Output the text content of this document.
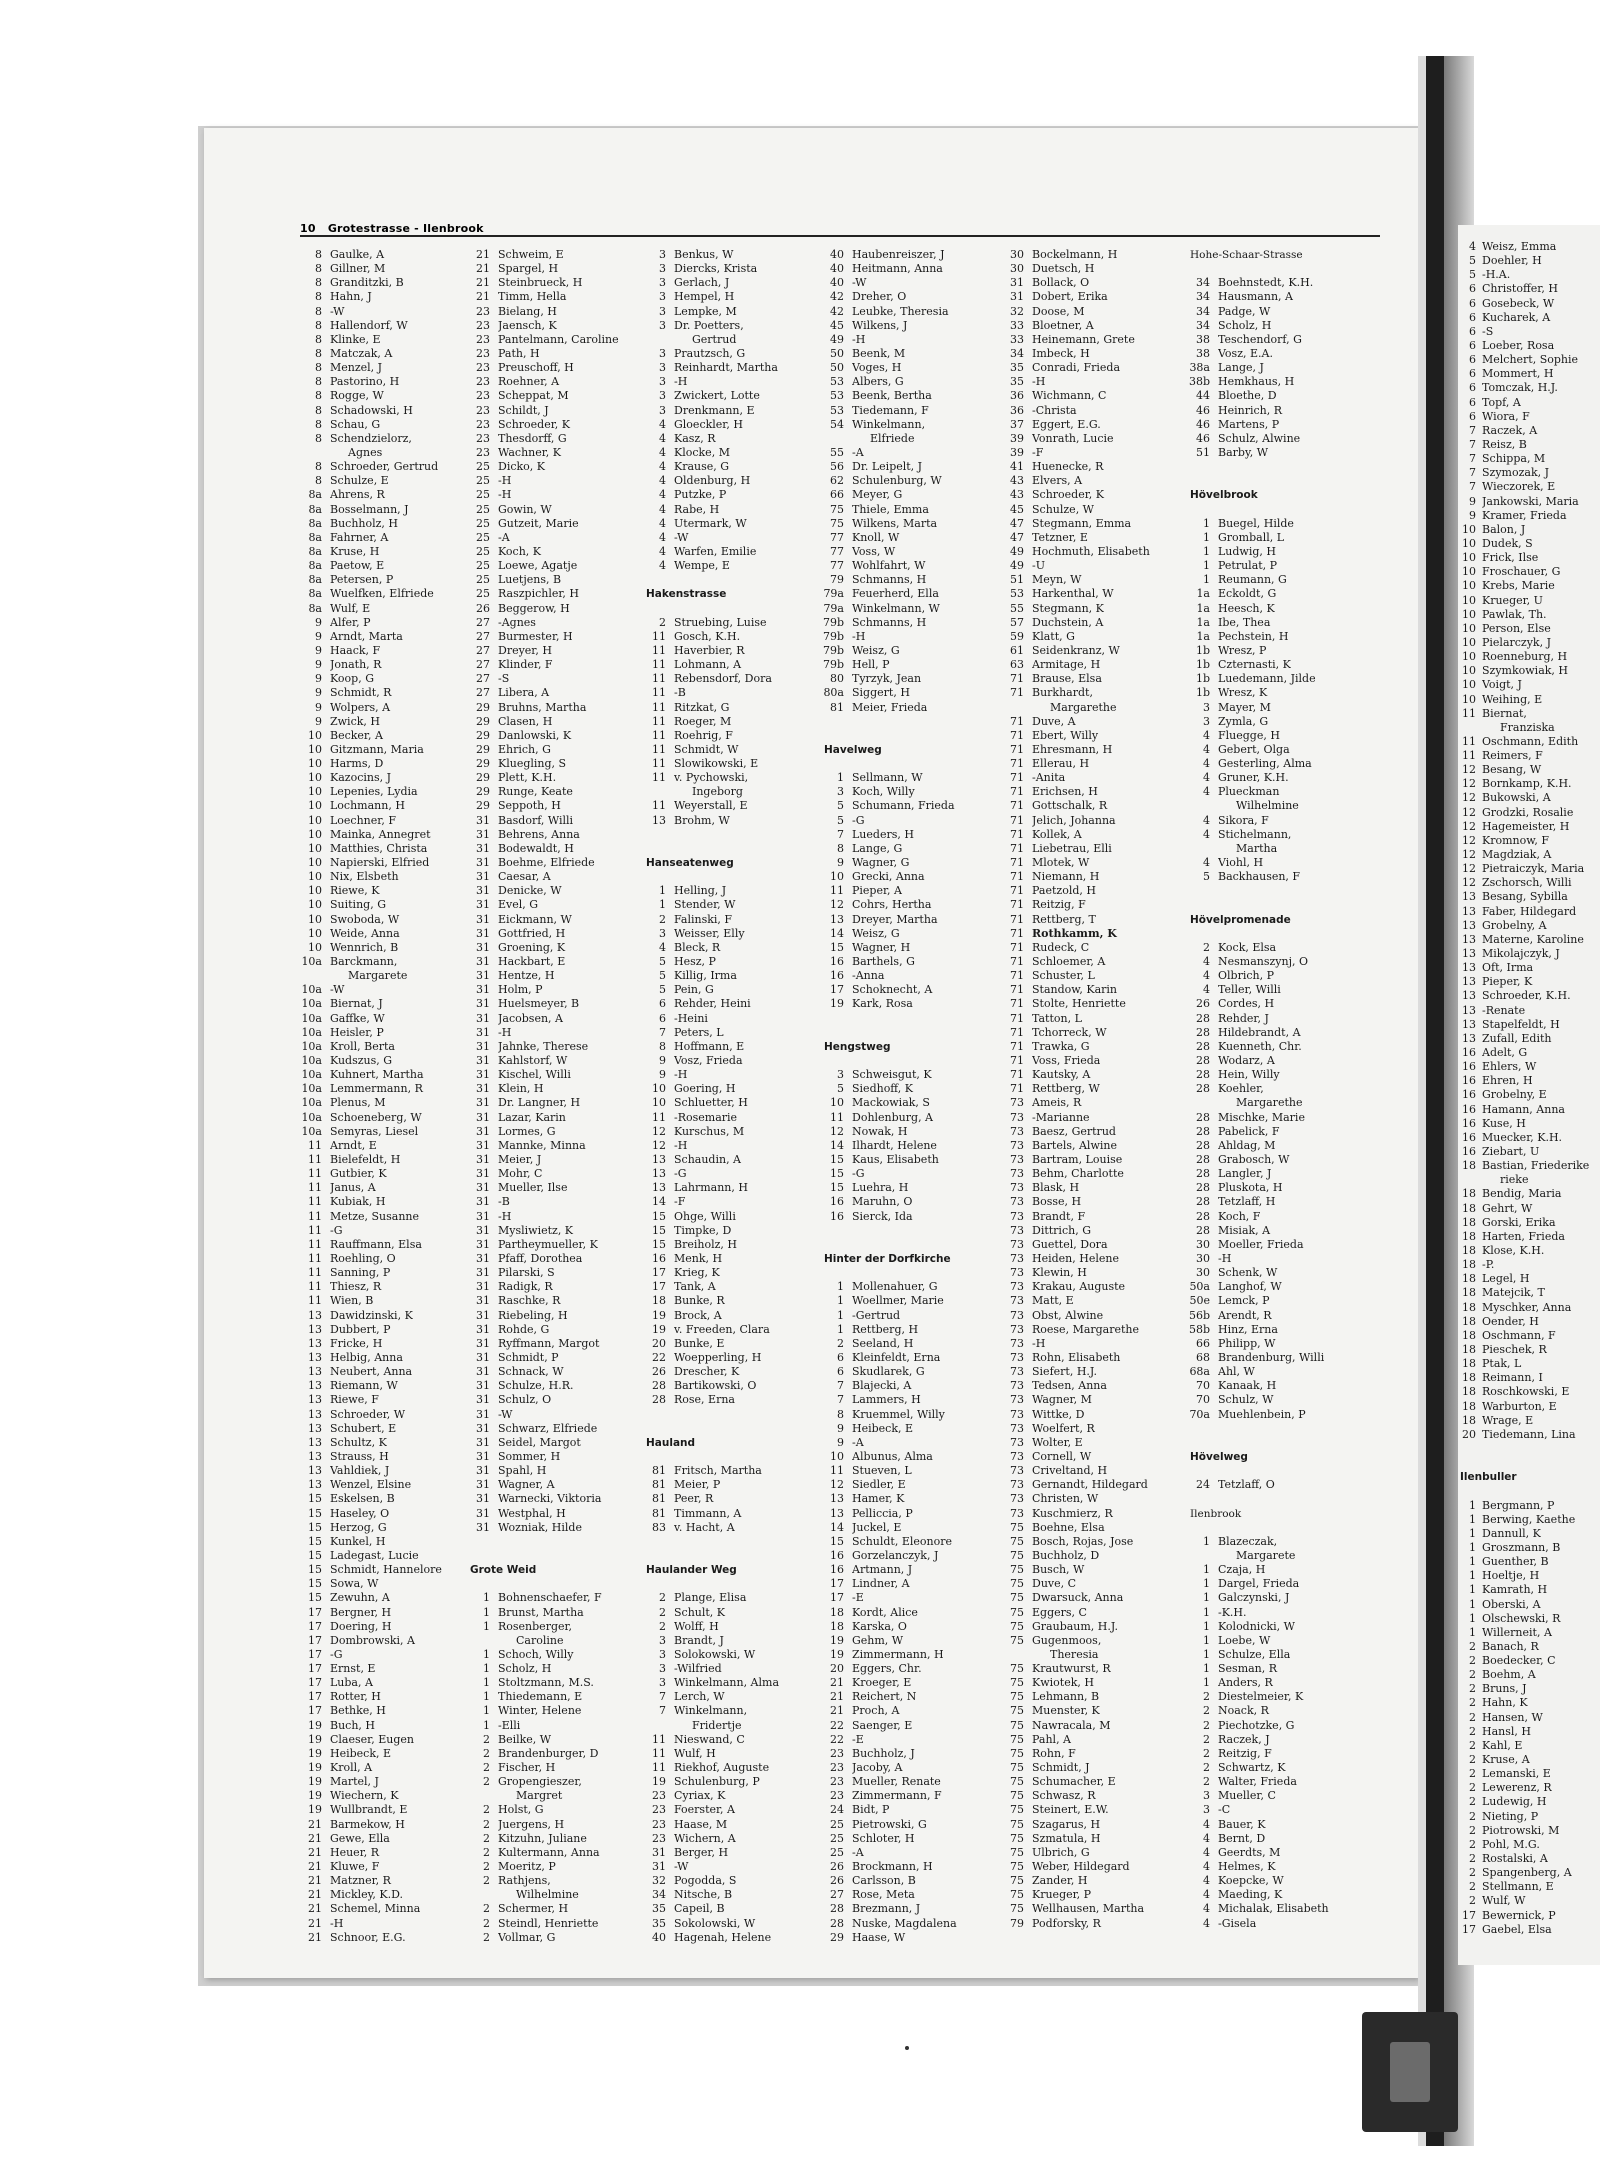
10 Grotestrasse - Ilenbrook
8 Gaulke, A
8 Gillner, M
8 Granditzki, B
8 Hahn, J
8 -W
8 Hallendorf, W
8 Klinke, E
8 Matczak, A
8 Menzel, J
8 Pastorino, H
8 Rogge, W
8 Schadowski, H
8 Schau, G
8 Schendzielorz,
Agnes
8 Schroeder, Gertrud
8 Schulze, E
8a Ahrens, R
8a Bosselmann, J
8a Buchholz, H
8a Fahrner, A
8a Kruse, H
8a Paetow, E
8a Petersen, P
8a Wuelfken, Elfriede
8a Wulf, E
9 Alfer, P
9 Arndt, Marta
9 Haack, F
9 Jonath, R
9 Koop, G
9 Schmidt, R
9 Wolpers, A
9 Zwick, H
10 Becker, A
10 Gitzmann, Maria
10 Harms, D
10 Kazocins, J
10 Lepenies, Lydia
10 Lochmann, H
10 Loechner, F
10 Mainka, Annegret
10 Matthies, Christa
10 Napierski, Elfried
10 Nix, Elsbeth
10 Riewe, K
10 Suiting, G
10 Swoboda, W
10 Weide, Anna
10 Wennrich, B
10a Barckmann,
Margarete
10a -W
10a Biernat, J
10a Gaffke, W
10a Heisler, P
10a Kroll, Berta
10a Kudszus, G
10a Kuhnert, Martha
10a Lemmermann, R
10a Plenus, M
10a Schoeneberg, W
10a Semyras, Liesel
11 Arndt, E
11 Bielefeldt, H
11 Gutbier, K
11 Janus, A
11 Kubiak, H
11 Metze, Susanne
11 -G
11 Rauffmann, Elsa
11 Roehling, O
11 Sanning, P
11 Thiesz, R
11 Wien, B
13 Dawidzinski, K
13 Dubbert, P
13 Fricke, H
13 Helbig, Anna
13 Neubert, Anna
13 Riemann, W
13 Riewe, F
13 Schroeder, W
13 Schubert, E
13 Schultz, K
13 Strauss, H
13 Vahldiek, J
13 Wenzel, Elsine
15 Eskelsen, B
15 Haseley, O
15 Herzog, G
15 Kunkel, H
15 Ladegast, Lucie
15 Schmidt, Hannelore
15 Sowa, W
15 Zewuhn, A
17 Bergner, H
17 Doering, H
17 Dombrowski, A
17 -G
17 Ernst, E
17 Luba, A
17 Rotter, H
17 Bethke, H
19 Buch, H
19 Claeser, Eugen
19 Heibeck, E
19 Kroll, A
19 Martel, J
19 Wiechern, K
19 Wullbrandt, E
21 Barmekow, H
21 Gewe, Ella
21 Heuer, R
21 Kluwe, F
21 Matzner, R
21 Mickley, K.D.
21 Schemel, Minna
21 -H
21 Schnoor, E.G.
21 Schweim, E
21 Spargel, H
21 Steinbrueck, H
21 Timm, Hella
23 Bielang, H
23 Jaensch, K
23 Pantelmann, Caroline
23 Path, H
23 Preuschoff, H
23 Roehner, A
23 Scheppat, M
23 Schildt, J
23 Schroeder, K
23 Thesdorff, G
23 Wachner, K
25 Dicko, K
25 -H
25 -H
25 Gowin, W
25 Gutzeit, Marie
25 -A
25 Koch, K
25 Loewe, Agatje
25 Luetjens, B
25 Raszpichler, H
26 Beggerow, H
27 -Agnes
27 Burmester, H
27 Dreyer, H
27 Klinder, F
27 -S
27 Libera, A
29 Bruhns, Martha
29 Clasen, H
29 Danlowski, K
29 Ehrich, G
29 Kluegling, S
29 Plett, K.H.
29 Runge, Keate
29 Seppoth, H
31 Basdorf, Willi
31 Behrens, Anna
31 Bodewaldt, H
31 Boehme, Elfriede
31 Caesar, A
31 Denicke, W
31 Evel, G
31 Eickmann, W
31 Gottfried, H
31 Groening, K
31 Hackbart, E
31 Hentze, H
31 Holm, P
31 Huelsmeyer, B
31 Jacobsen, A
31 -H
31 Jahnke, Therese
31 Kahlstorf, W
31 Kischel, Willi
31 Klein, H
31 Dr. Langner, H
31 Lazar, Karin
31 Lormes, G
31 Mannke, Minna
31 Meier, J
31 Mohr, C
31 Mueller, Ilse
31 -B
31 -H
31 Mysliwietz, K
31 Partheymueller, K
31 Pfaff, Dorothea
31 Pilarski, S
31 Radigk, R
31 Raschke, R
31 Riebeling, H
31 Rohde, G
31 Ryffmann, Margot
31 Schmidt, P
31 Schnack, W
31 Schulze, H.R.
31 Schulz, O
31 -W
31 Schwarz, Elfriede
31 Seidel, Margot
31 Sommer, H
31 Spahl, H
31 Wagner, A
31 Warnecki, Viktoria
31 Westphal, H
31 Wozniak, Hilde
Grote Weid
1 Bohnenschaefer, F
1 Brunst, Martha
1 Rosenberger,
Caroline
1 Schoch, Willy
1 Scholz, H
1 Stoltzmann, M.S.
1 Thiedemann, E
1 Winter, Helene
1 -Elli
2 Beilke, W
2 Brandenburger, D
2 Fischer, H
2 Gropengieszer,
Margret
2 Holst, G
2 Juergens, H
2 Kitzuhn, Juliane
2 Kultermann, Anna
2 Moeritz, P
2 Rathjens,
Wilhelmine
2 Schermer, H
2 Steindl, Henriette
2 Vollmar, G
3 Benkus, W
3 Diercks, Krista
3 Gerlach, J
3 Hempel, H
3 Lempke, M
3 Dr. Poetters,
Gertrud
3 Prautzsch, G
3 Reinhardt, Martha
3 -H
3 Zwickert, Lotte
3 Drenkmann, E
4 Gloeckler, H
4 Kasz, R
4 Klocke, M
4 Krause, G
4 Oldenburg, H
4 Putzke, P
4 Rabe, H
4 Utermark, W
4 -W
4 Warfen, Emilie
4 Wempe, E
Hakenstrasse
2 Struebing, Luise
11 Gosch, K.H.
11 Haverbier, R
11 Lohmann, A
11 Rebensdorf, Dora
11 -B
11 Ritzkat, G
11 Roeger, M
11 Roehrig, F
11 Schmidt, W
11 Slowikowski, E
11 v. Pychowski,
Ingeborg
11 Weyerstall, E
13 Brohm, W
Hanseatenweg
1 Helling, J
1 Stender, W
2 Falinski, F
3 Weisser, Elly
4 Bleck, R
5 Hesz, P
5 Killig, Irma
5 Pein, G
6 Rehder, Heini
6 -Heini
7 Peters, L
8 Hoffmann, E
9 Vosz, Frieda
9 -H
10 Goering, H
10 Schluetter, H
11 -Rosemarie
12 Kurschus, M
12 -H
13 Schaudin, A
13 -G
13 Lahrmann, H
14 -F
15 Ohge, Willi
15 Timpke, D
15 Breiholz, H
16 Menk, H
17 Krieg, K
17 Tank, A
18 Bunke, R
19 Brock, A
19 v. Freeden, Clara
20 Bunke, E
22 Woepperling, H
26 Drescher, K
28 Bartikowski, O
28 Rose, Erna
Hauland
81 Fritsch, Martha
81 Meier, P
81 Peer, R
81 Timmann, A
83 v. Hacht, A
Haulander Weg
2 Plange, Elisa
2 Schult, K
2 Wolff, H
3 Brandt, J
3 Solokowski, W
3 -Wilfried
3 Winkelmann, Alma
7 Lerch, W
7 Winkelmann,
Fridertje
11 Nieswand, C
11 Wulf, H
11 Riekhof, Auguste
19 Schulenburg, P
23 Cyriax, K
23 Foerster, A
23 Haase, M
23 Wichern, A
31 Berger, H
31 -W
32 Pogodda, S
34 Nitsche, B
35 Capeil, B
35 Sokolowski, W
40 Hagenah, Helene
40 Haubenreiszer, J
40 Heitmann, Anna
40 -W
42 Dreher, O
42 Leubke, Theresia
45 Wilkens, J
49 -H
50 Beenk, M
50 Voges, H
53 Albers, G
53 Beenk, Bertha
53 Tiedemann, F
54 Winkelmann,
Elfriede
55 -A
56 Dr. Leipelt, J
62 Schulenburg, W
66 Meyer, G
75 Thiele, Emma
75 Wilkens, Marta
77 Knoll, W
77 Voss, W
77 Wohlfahrt, W
79 Schmanns, H
79a Feuerherd, Ella
79a Winkelmann, W
79b Schmanns, H
79b -H
79b Weisz, G
79b Hell, P
80 Tyrzyk, Jean
80a Siggert, H
81 Meier, Frieda
Havelweg
1 Sellmann, W
3 Koch, Willy
5 Schumann, Frieda
5 -G
7 Lueders, H
8 Lange, G
9 Wagner, G
10 Grecki, Anna
11 Pieper, A
12 Cohrs, Hertha
13 Dreyer, Martha
14 Weisz, G
15 Wagner, H
16 Barthels, G
16 -Anna
17 Schoknecht, A
19 Kark, Rosa
Hengstweg
3 Schweisgut, K
5 Siedhoff, K
10 Mackowiak, S
11 Dohlenburg, A
12 Nowak, H
14 Ilhardt, Helene
15 Kaus, Elisabeth
15 -G
15 Luehra, H
16 Maruhn, O
16 Sierck, Ida
Hinter der Dorfkirche
1 Mollenahuer, G
1 Woellmer, Marie
1 -Gertrud
1 Rettberg, H
2 Seeland, H
6 Kleinfeldt, Erna
6 Skudlarek, G
7 Blajecki, A
7 Lammers, H
8 Kruemmel, Willy
9 Heibeck, E
9 -A
10 Albunus, Alma
11 Stueven, L
12 Siedler, E
13 Hamer, K
13 Pelliccia, P
14 Juckel, E
15 Schuldt, Eleonore
16 Gorzelanczyk, J
16 Artmann, J
17 Lindner, A
17 -E
18 Kordt, Alice
18 Karska, O
19 Gehm, W
19 Zimmermann, H
20 Eggers, Chr.
21 Kroeger, E
21 Reichert, N
21 Proch, A
22 Saenger, E
22 -E
23 Buchholz, J
23 Jacoby, A
23 Mueller, Renate
23 Zimmermann, F
24 Bidt, P
25 Pietrowski, G
25 Schloter, H
25 -A
26 Brockmann, H
26 Carlsson, B
27 Rose, Meta
28 Brezmann, J
28 Nuske, Magdalena
29 Haase, W
30 Bockelmann, H
30 Duetsch, H
31 Bollack, O
31 Dobert, Erika
32 Doose, M
33 Bloetner, A
33 Heinemann, Grete
34 Imbeck, H
35 Conradi, Frieda
35 -H
36 Wichmann, C
36 -Christa
37 Eggert, E.G.
39 Vonrath, Lucie
39 -F
41 Huenecke, R
43 Elvers, A
43 Schroeder, K
45 Schulze, W
47 Stegmann, Emma
47 Tetzner, E
49 Hochmuth, Elisabeth
49 -U
51 Meyn, W
53 Harkenthal, W
55 Stegmann, K
57 Duchstein, A
59 Klatt, G
61 Seidenkranz, W
63 Armitage, H
71 Brause, Elsa
71 Burkhardt,
Margarethe
71 Duve, A
71 Ebert, Willy
71 Ehresmann, H
71 Ellerau, H
71 -Anita
71 Erichsen, H
71 Gottschalk, R
71 Jelich, Johanna
71 Kollek, A
71 Liebetrau, Elli
71 Mlotek, W
71 Niemann, H
71 Paetzold, H
71 Reitzig, F
71 Rettberg, T
71 Rothkamm, K
71 Rudeck, C
71 Schloemer, A
71 Schuster, L
71 Standow, Karin
71 Stolte, Henriette
71 Tatton, L
71 Tchorreck, W
71 Trawka, G
71 Voss, Frieda
71 Kautsky, A
71 Rettberg, W
73 Ameis, R
73 -Marianne
73 Baesz, Gertrud
73 Bartels, Alwine
73 Bartram, Louise
73 Behm, Charlotte
73 Blask, H
73 Bosse, H
73 Brandt, F
73 Dittrich, G
73 Guettel, Dora
73 Heiden, Helene
73 Klewin, H
73 Krakau, Auguste
73 Matt, E
73 Obst, Alwine
73 Roese, Margarethe
73 -H
73 Rohn, Elisabeth
73 Siefert, H.J.
73 Tedsen, Anna
73 Wagner, M
73 Wittke, D
73 Woelfert, R
73 Wolter, E
73 Cornell, W
73 Criveltand, H
73 Gernandt, Hildegard
73 Christen, W
73 Kuschmierz, R
75 Boehne, Elsa
75 Bosch, Rojas, Jose
75 Buchholz, D
75 Busch, W
75 Duve, C
75 Dwarsuck, Anna
75 Eggers, C
75 Graubaum, H.J.
75 Gugenmoos,
Theresia
75 Krautwurst, R
75 Kwiotek, H
75 Lehmann, B
75 Muenster, K
75 Nawracala, M
75 Pahl, A
75 Rohn, F
75 Schmidt, J
75 Schumacher, E
75 Schwasz, R
75 Steinert, E.W.
75 Szagarus, H
75 Szmatula, H
75 Ulbrich, G
75 Weber, Hildegard
75 Zander, H
75 Krueger, P
75 Wellhausen, Martha
79 Podforsky, R
Hohe-Schaar-Strasse
34 Boehnstedt, K.H.
34 Hausmann, A
34 Padge, W
34 Scholz, H
38 Teschendorf, G
38 Vosz, E.A.
38a Lange, J
38b Hemkhaus, H
44 Bloethe, D
46 Heinrich, R
46 Martens, P
46 Schulz, Alwine
51 Barby, W
Hövelbrook
1 Buegel, Hilde
1 Gromball, L
1 Ludwig, H
1 Petrulat, P
1 Reumann, G
1a Eckoldt, G
1a Heesch, K
1a Ibe, Thea
1a Pechstein, H
1b Wresz, P
1b Czternasti, K
1b Luedemann, Jilde
1b Wresz, K
3 Mayer, M
3 Zymla, G
4 Fluegge, H
4 Gebert, Olga
4 Gesterling, Alma
4 Gruner, K.H.
4 Plueckman
Wilhelmine
4 Sikora, F
4 Stichelmann,
Martha
4 Viohl, H
5 Backhausen, F
Hövelpromenade
2 Kock, Elsa
4 Nesmanszynj, O
4 Olbrich, P
4 Teller, Willi
26 Cordes, H
28 Rehder, J
28 Hildebrandt, A
28 Kuenneth, Chr.
28 Wodarz, A
28 Hein, Willy
28 Koehler,
Margarethe
28 Mischke, Marie
28 Pabelick, F
28 Ahldag, M
28 Grabosch, W
28 Langler, J
28 Pluskota, H
28 Tetzlaff, H
28 Koch, F
28 Misiak, A
30 Moeller, Frieda
30 -H
30 Schenk, W
50a Langhof, W
50e Lemck, P
56b Arendt, R
58b Hinz, Erna
66 Philipp, W
68 Brandenburg, Willi
68a Ahl, W
70 Kanaak, H
70 Schulz, W
70a Muehlenbein, P
Hövelweg
24 Tetzlaff, O
Ilenbrook
1 Blazeczak,
Margarete
1 Czaja, H
1 Dargel, Frieda
1 Galczynski, J
1 -K.H.
1 Kolodnicki, W
1 Loebe, W
1 Schulze, Ella
1 Sesman, R
1 Anders, R
2 Diestelmeier, K
2 Noack, R
2 Piechotzke, G
2 Raczek, J
2 Reitzig, F
2 Schwartz, K
2 Walter, Frieda
3 Mueller, C
3 -C
4 Bauer, K
4 Bernt, D
4 Geerdts, M
4 Helmes, K
4 Koepcke, W
4 Maeding, K
4 Michalak, Elisabeth
4 -Gisela
4 Weisz, Emma
5 Doehler, H
5 -H.A.
6 Christoffer, H
6 Gosebeck, W
6 Kucharek, A
6 -S
6 Loeber, Rosa
6 Melchert, Sophie
6 Mommert, H
6 Tomczak, H.J.
6 Topf, A
6 Wiora, F
7 Raczek, A
7 Reisz, B
7 Schippa, M
7 Szymozak, J
7 Wieczorek, E
9 Jankowski, Maria
9 Kramer, Frieda
10 Balon, J
10 Dudek, S
10 Frick, Ilse
10 Froschauer, G
10 Krebs, Marie
10 Krueger, U
10 Pawlak, Th.
10 Person, Else
10 Pielarczyk, J
10 Roenneburg, H
10 Szymkowiak, H
10 Voigt, J
10 Weihing, E
11 Biernat,
Franziska
11 Oschmann, Edith
11 Reimers, F
12 Besang, W
12 Bornkamp, K.H.
12 Bukowski, A
12 Grodzki, Rosalie
12 Hagemeister, H
12 Kromnow, F
12 Magdziak, A
12 Pietraiczyk, Maria
12 Zschorsch, Willi
13 Besang, Sybilla
13 Faber, Hildegard
13 Grobelny, A
13 Materne, Karoline
13 Mikolajczyk, J
13 Oft, Irma
13 Pieper, K
13 Schroeder, K.H.
13 -Renate
13 Stapelfeldt, H
13 Zufall, Edith
16 Adelt, G
16 Ehlers, W
16 Ehren, H
16 Grobelny, E
16 Hamann, Anna
16 Kuse, H
16 Muecker, K.H.
16 Ziebart, U
18 Bastian, Friederike
rieke
18 Bendig, Maria
18 Gehrt, W
18 Gorski, Erika
18 Harten, Frieda
18 Klose, K.H.
18 -P.
18 Legel, H
18 Matejcik, T
18 Myschker, Anna
18 Oender, H
18 Oschmann, F
18 Pieschek, R
18 Ptak, L
18 Reimann, I
18 Roschkowski, E
18 Warburton, E
18 Wrage, E
20 Tiedemann, Lina
Ilenbuller
1 Bergmann, P
1 Berwing, Kaethe
1 Dannull, K
1 Groszmann, B
1 Guenther, B
1 Hoeltje, H
1 Kamrath, H
1 Oberski, A
1 Olschewski, R
1 Willerneit, A
2 Banach, R
2 Boedecker, C
2 Boehm, A
2 Bruns, J
2 Hahn, K
2 Hansen, W
2 Hansl, H
2 Kahl, E
2 Kruse, A
2 Lemanski, E
2 Lewerenz, R
2 Ludewig, H
2 Nieting, P
2 Piotrowski, M
2 Pohl, M.G.
2 Rostalski, A
2 Spangenberg, A
2 Stellmann, E
2 Wulf, W
17 Bewernick, P
17 Gaebel, Elsa
